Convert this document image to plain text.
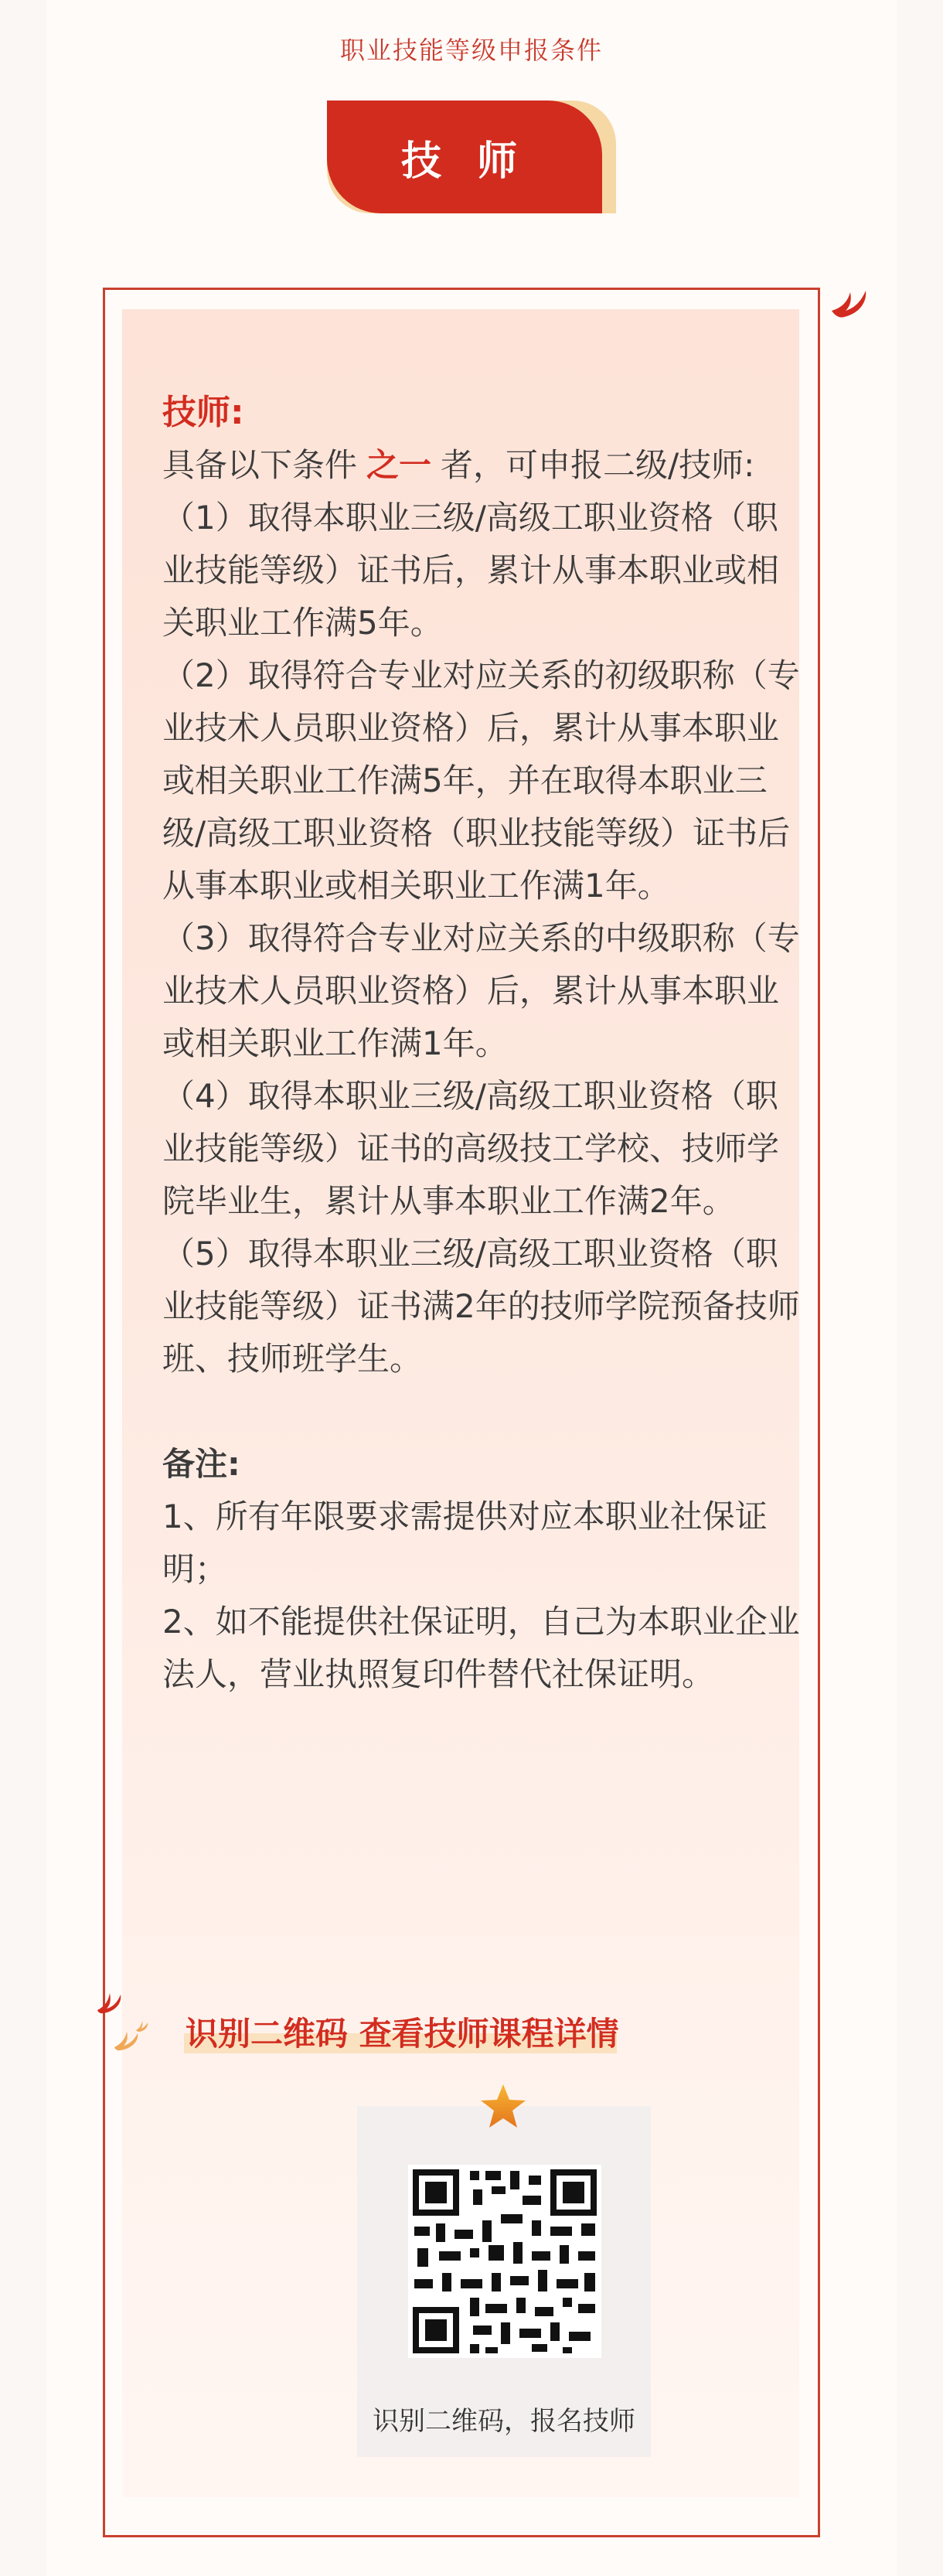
职业技能等级申报条件
技 师

技师:

具备以下条件 之一 者，可申报二级/技师:

（1）取得本职业三级/高级工职业资格（职业技能等级）证书后，累计从事本职业或相关职业工作满5年。

（2）取得符合专业对应关系的初级职称（专业技术人员职业资格）后，累计从事本职业或相关职业工作满5年，并在取得本职业三级/高级工职业资格（职业技能等级）证书后从事本职业或相关职业工作满1年。

（3）取得符合专业对应关系的中级职称（专业技术人员职业资格）后，累计从事本职业或相关职业工作满1年。

（4）取得本职业三级/高级工职业资格（职业技能等级）证书的高级技工学校、技师学院毕业生，累计从事本职业工作满2年。

（5）取得本职业三级/高级工职业资格（职业技能等级）证书满2年的技师学院预备技师班、技师班学生。

备注:

1、所有年限要求需提供对应本职业社保证明；

2、如不能提供社保证明，自己为本职业企业法人，营业执照复印件替代社保证明。

识别二维码 查看技师课程详情
识别二维码，报名技师
